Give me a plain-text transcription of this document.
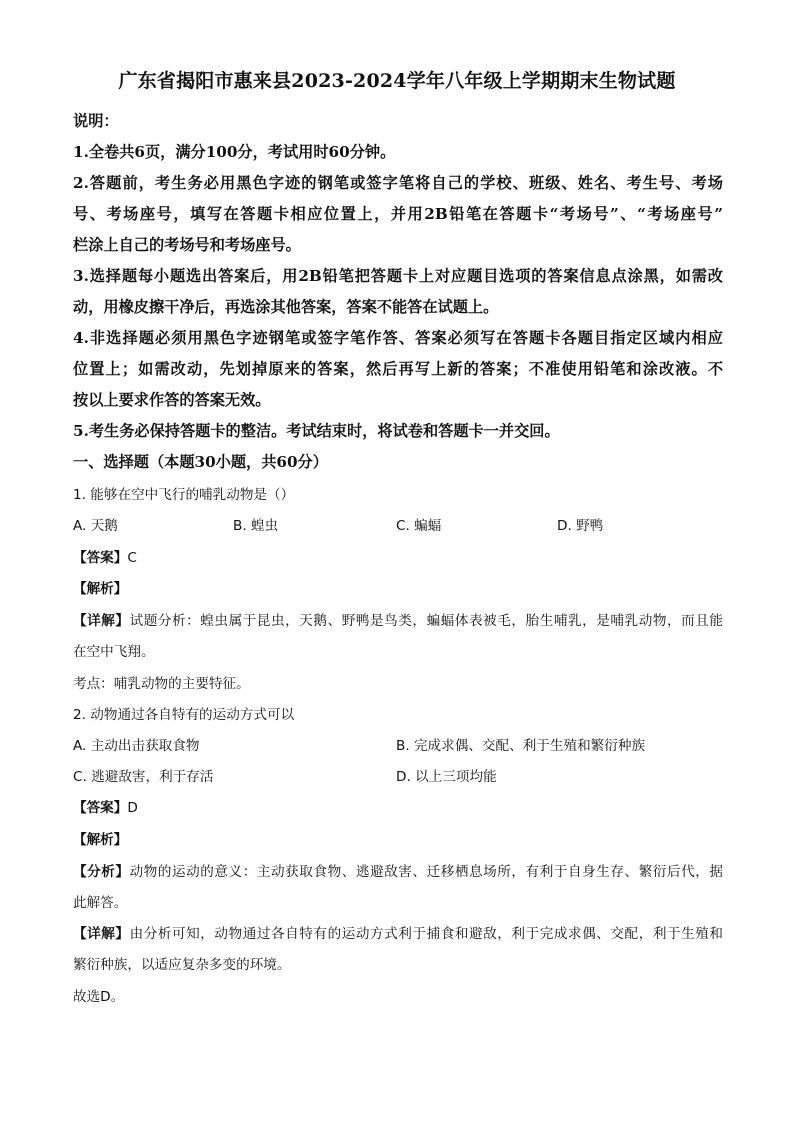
广东省揭阳市惠来县2023-2024学年八年级上学期期末生物试题
说明：
1.全卷共6页，满分100分，考试用时60分钟。
2.答题前，考生务必用黑色字迹的钢笔或签字笔将自己的学校、班级、姓名、考生号、考场
号、考场座号，填写在答题卡相应位置上，并用2B铅笔在答题卡“考场号”、“考场座号”
栏涂上自己的考场号和考场座号。
3.选择题每小题选出答案后，用2B铅笔把答题卡上对应题目选项的答案信息点涂黑，如需改
动，用橡皮擦干净后，再选涂其他答案，答案不能答在试题上。
4.非选择题必须用黑色字迹钢笔或签字笔作答、答案必须写在答题卡各题目指定区域内相应
位置上；如需改动，先划掉原来的答案，然后再写上新的答案；不准使用铅笔和涂改液。不
按以上要求作答的答案无效。
5.考生务必保持答题卡的整洁。考试结束时，将试卷和答题卡一并交回。
一、选择题（本题30小题，共60分）
1. 能够在空中飞行的哺乳动物是（）
A. 天鹅	B. 蝗虫	C. 蝙蝠	D. 野鸭
【答案】C
【解析】
【详解】试题分析：蝗虫属于昆虫，天鹅、野鸭是鸟类，蝙蝠体表被毛，胎生哺乳，是哺乳动物，而且能
在空中飞翔。
考点：哺乳动物的主要特征。
2. 动物通过各自特有的运动方式可以
A. 主动出击获取食物	B. 完成求偶、交配、利于生殖和繁衍种族
C. 逃避敌害，利于存活	D. 以上三项均能
【答案】D
【解析】
【分析】动物的运动的意义：主动获取食物、逃避敌害、迁移栖息场所，有利于自身生存、繁衍后代，据
此解答。
【详解】由分析可知，动物通过各自特有的运动方式利于捕食和避敌，利于完成求偶、交配，利于生殖和
繁衍种族，以适应复杂多变的环境。
故选D。
